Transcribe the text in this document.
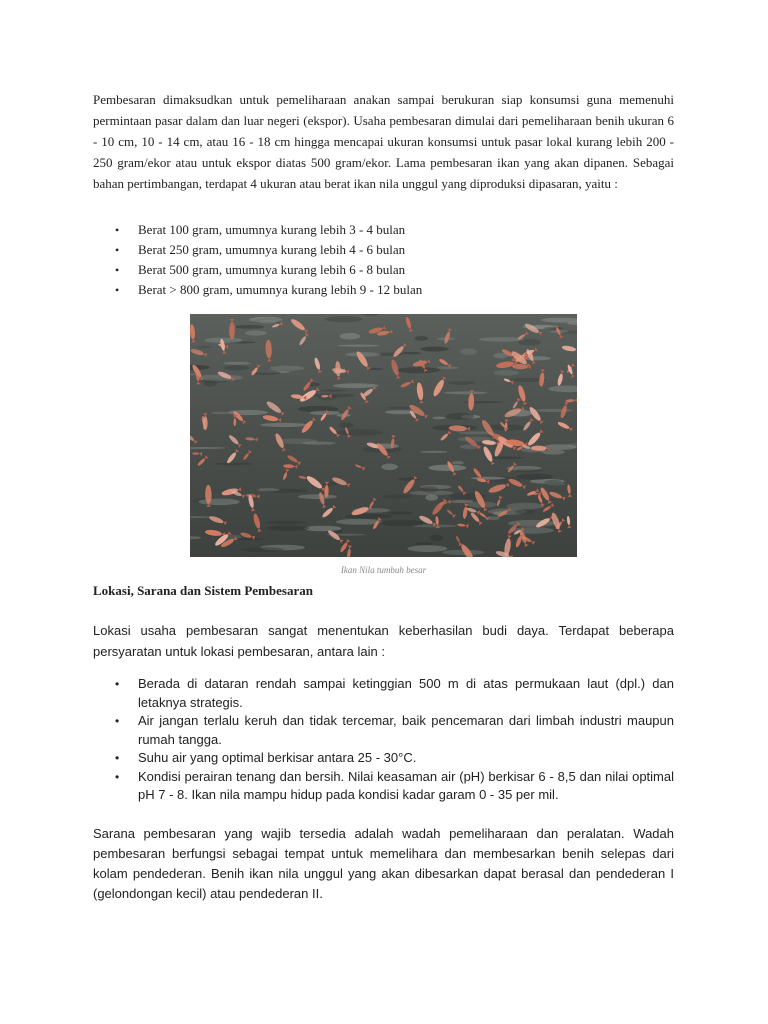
Pembesaran dimaksudkan untuk pemeliharaan anakan sampai berukuran siap konsumsi guna memenuhi permintaan pasar dalam dan luar negeri (ekspor). Usaha pembesaran dimulai dari pemeliharaan benih ukuran 6 - 10 cm, 10 - 14 cm, atau 16 - 18 cm hingga mencapai ukuran konsumsi untuk pasar lokal kurang lebih 200 - 250 gram/ekor atau untuk ekspor diatas 500 gram/ekor. Lama pembesaran ikan yang akan dipanen. Sebagai bahan pertimbangan, terdapat 4 ukuran atau berat ikan nila unggul yang diproduksi dipasaran, yaitu :

• Berat 100 gram, umumnya kurang lebih 3 - 4 bulan
• Berat 250 gram, umumnya kurang lebih 4 - 6 bulan
• Berat 500 gram, umumnya kurang lebih 6 - 8 bulan
• Berat > 800 gram, umumnya kurang lebih 9 - 12 bulan
Ikan Nila tumbuh besar
Lokasi, Sarana dan Sistem Pembesaran

Lokasi usaha pembesaran sangat menentukan keberhasilan budi daya. Terdapat beberapa persyaratan untuk lokasi pembesaran, antara lain :

• Berada di dataran rendah sampai ketinggian 500 m di atas permukaan laut (dpl.) dan letaknya strategis.
• Air jangan terlalu keruh dan tidak tercemar, baik pencemaran dari limbah industri maupun rumah tangga.
• Suhu air yang optimal berkisar antara 25 - 30°C.
• Kondisi perairan tenang dan bersih. Nilai keasaman air (pH) berkisar 6 - 8,5 dan nilai optimal pH 7 - 8. Ikan nila mampu hidup pada kondisi kadar garam 0 - 35 per mil.

Sarana pembesaran yang wajib tersedia adalah wadah pemeliharaan dan peralatan. Wadah pembesaran berfungsi sebagai tempat untuk memelihara dan membesarkan benih selepas dari kolam pendederan. Benih ikan nila unggul yang akan dibesarkan dapat berasal dan pendederan I (gelondongan kecil) atau pendederan II.
